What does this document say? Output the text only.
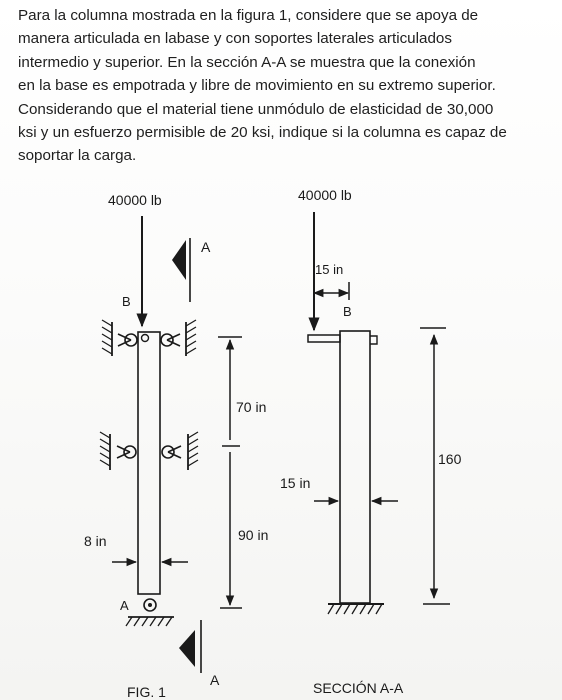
Para la columna mostrada en la figura 1, considere que se apoya de
manera articulada en labase y con soportes laterales articulados
intermedio y superior. En la sección A-A se muestra que la conexión
en la base es empotrada y libre de movimiento en su extremo superior.
Considerando que el material tiene unmódulo de elasticidad de 30,000
ksi y un esfuerzo permisible de 20 ksi, indique si la columna es capaz de
soportar la carga.
40000 lb
B
8 in
A
A
A
70 in
90 in
FIG. 1
40000 lb
15 in
B
15 in
160
SECCIÓN A-A
